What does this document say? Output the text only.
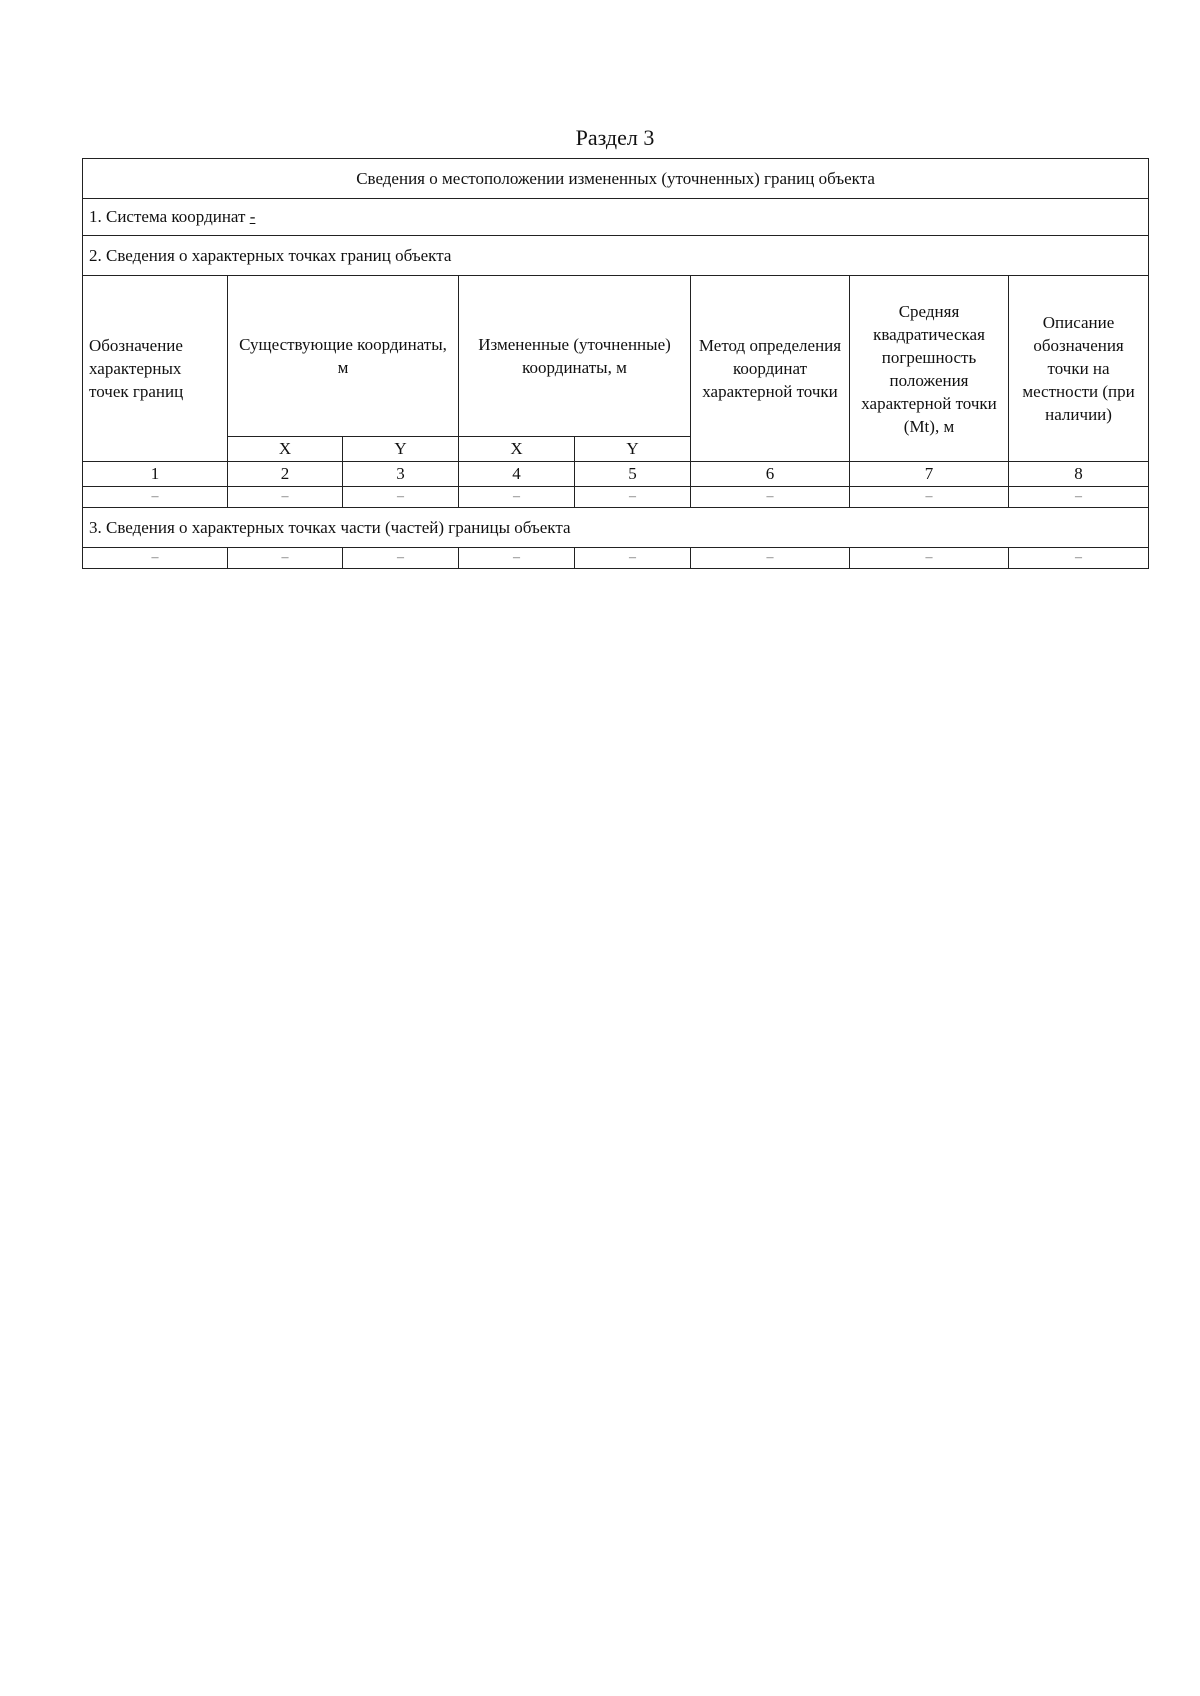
Раздел 3
Сведения о местоположении измененных (уточненных) границ объекта							
1. Система координат -							
2. Сведения о характерных точках границ объекта							
Обозначение характерных точек границ	Существующие координаты, м		Измененные (уточненные) координаты, м		Метод определения координат характерной точки	Средняя квадратическая погрешность положения характерной точки (Mt), м	Описание обозначения точки на местности (при наличии)
	X	Y	X	Y			
1	2	3	4	5	6	7	8
–	–	–	–	–	–	–	–
3. Сведения о характерных точках части (частей) границы объекта							
–	–	–	–	–	–	–	–
